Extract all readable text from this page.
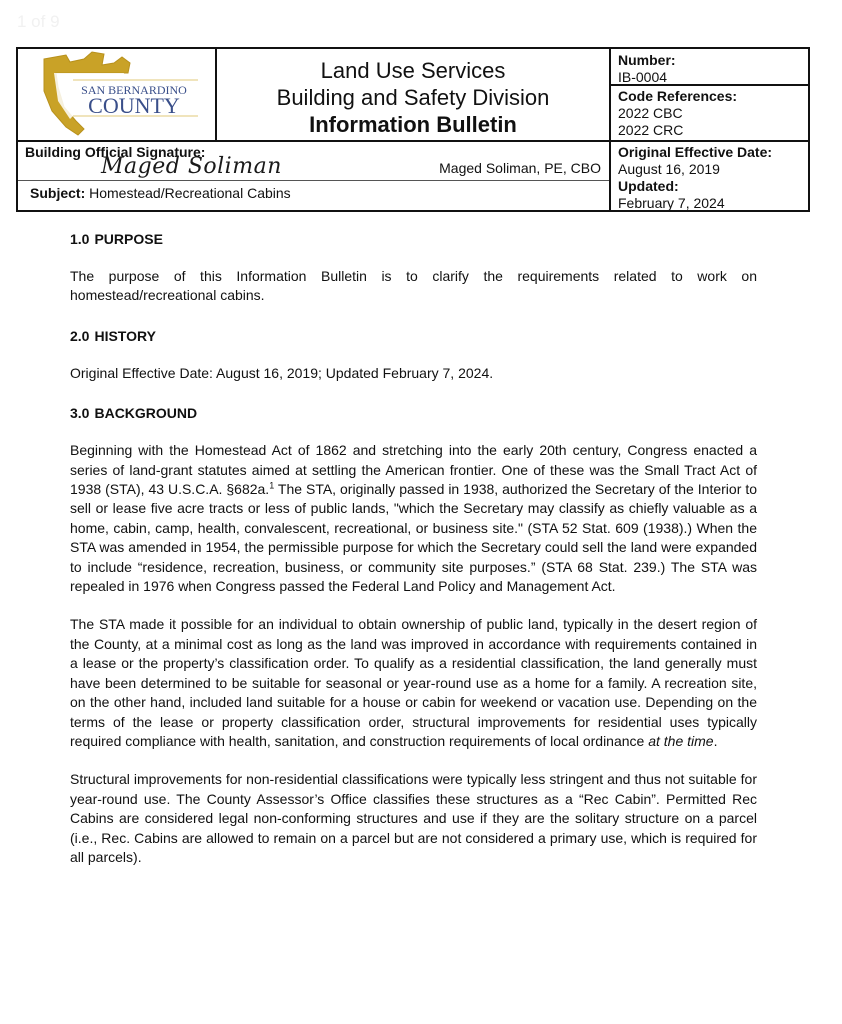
1 of 9
SAN BERNARDINO
COUNTY
Land Use Services
Building and Safety Division
Information Bulletin
Number:
IB-0004
Code References:
2022 CBC
2022 CRC
Building Official Signature:
Maged Soliman	Maged Soliman, PE, CBO
Subject: Homestead/Recreational Cabins
Original Effective Date:
August 16, 2019
Updated:
February 7, 2024
1.0 PURPOSE

The purpose of this Information Bulletin is to clarify the requirements related to work on homestead/recreational cabins.

2.0 HISTORY

Original Effective Date: August 16, 2019; Updated February 7, 2024.

3.0 BACKGROUND

Beginning with the Homestead Act of 1862 and stretching into the early 20th century, Congress enacted a series of land-grant statutes aimed at settling the American frontier. One of these was the Small Tract Act of 1938 (STA), 43 U.S.C.A. §682a.$^1$ The STA, originally passed in 1938, authorized the Secretary of the Interior to sell or lease five acre tracts or less of public lands, "which the Secretary may classify as chiefly valuable as a home, cabin, camp, health, convalescent, recreational, or business site." (STA 52 Stat. 609 (1938).) When the STA was amended in 1954, the permissible purpose for which the Secretary could sell the land were expanded to include “residence, recreation, business, or community site purposes.” (STA 68 Stat. 239.) The STA was repealed in 1976 when Congress passed the Federal Land Policy and Management Act.

The STA made it possible for an individual to obtain ownership of public land, typically in the desert region of the County, at a minimal cost as long as the land was improved in accordance with requirements contained in a lease or the property’s classification order. To qualify as a residential classification, the land generally must have been determined to be suitable for seasonal or year-round use as a home for a family. A recreation site, on the other hand, included land suitable for a house or cabin for weekend or vacation use. Depending on the terms of the lease or property classification order, structural improvements for residential uses typically required compliance with health, sanitation, and construction requirements of local ordinance at the time.

Structural improvements for non-residential classifications were typically less stringent and thus not suitable for year-round use. The County Assessor’s Office classifies these structures as a “Rec Cabin”. Permitted Rec Cabins are considered legal non-conforming structures and use if they are the solitary structure on a parcel (i.e., Rec. Cabins are allowed to remain on a parcel but are not considered a primary use, which is required for all parcels).
